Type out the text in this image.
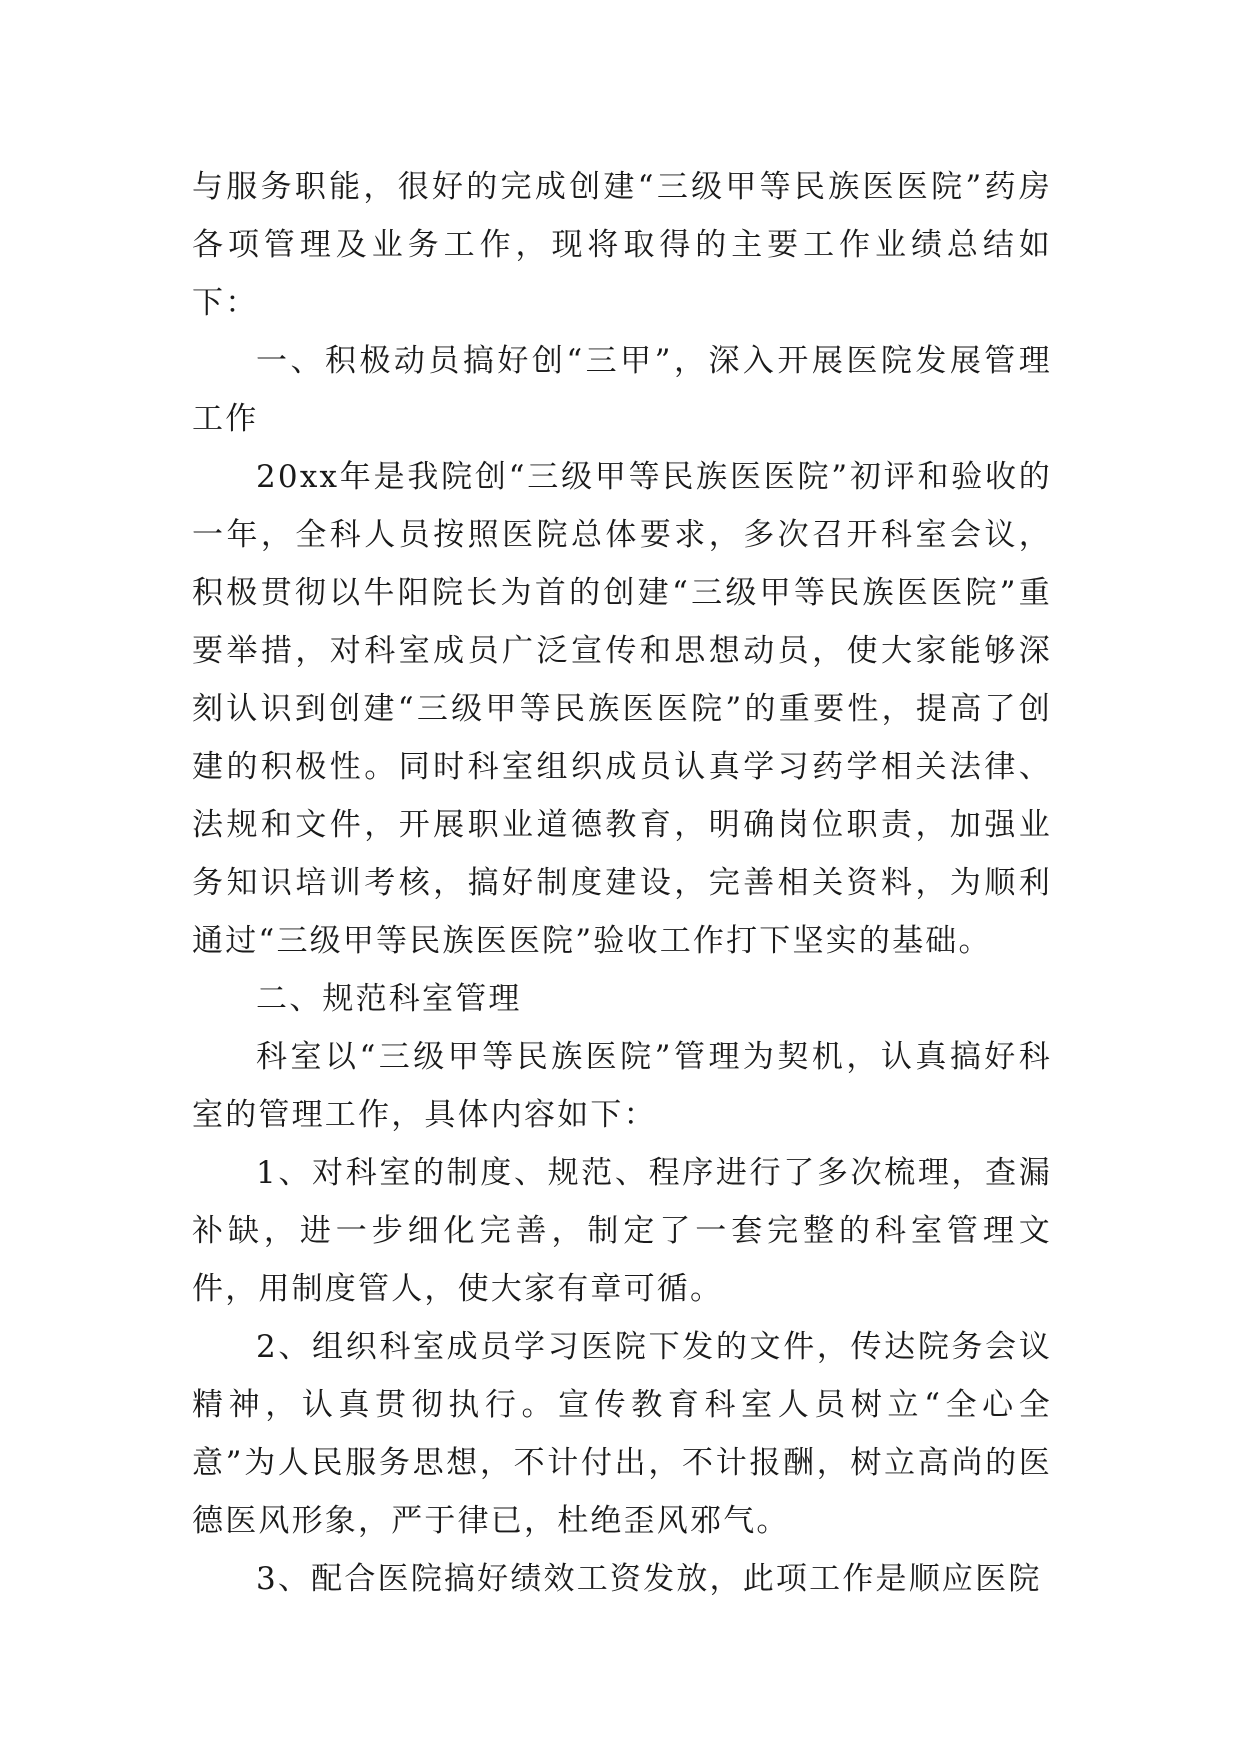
与服务职能，很好的完成创建“三级甲等民族医医院”药房各项管理及业务工作，现将取得的主要工作业绩总结如下：

一、积极动员搞好创“三甲”，深入开展医院发展管理工作

20xx年是我院创“三级甲等民族医医院”初评和验收的一年，全科人员按照医院总体要求，多次召开科室会议，积极贯彻以牛阳院长为首的创建“三级甲等民族医医院”重要举措，对科室成员广泛宣传和思想动员，使大家能够深刻认识到创建“三级甲等民族医医院”的重要性，提高了创建的积极性。同时科室组织成员认真学习药学相关法律、法规和文件，开展职业道德教育，明确岗位职责，加强业务知识培训考核，搞好制度建设，完善相关资料，为顺利通过“三级甲等民族医医院”验收工作打下坚实的基础。

二、规范科室管理

科室以“三级甲等民族医院”管理为契机，认真搞好科室的管理工作，具体内容如下：

1、对科室的制度、规范、程序进行了多次梳理，查漏补缺，进一步细化完善，制定了一套完整的科室管理文件，用制度管人，使大家有章可循。

2、组织科室成员学习医院下发的文件，传达院务会议精神，认真贯彻执行。宣传教育科室人员树立“全心全意”为人民服务思想，不计付出，不计报酬，树立高尚的医德医风形象，严于律已，杜绝歪风邪气。

3、配合医院搞好绩效工资发放，此项工作是顺应医院
